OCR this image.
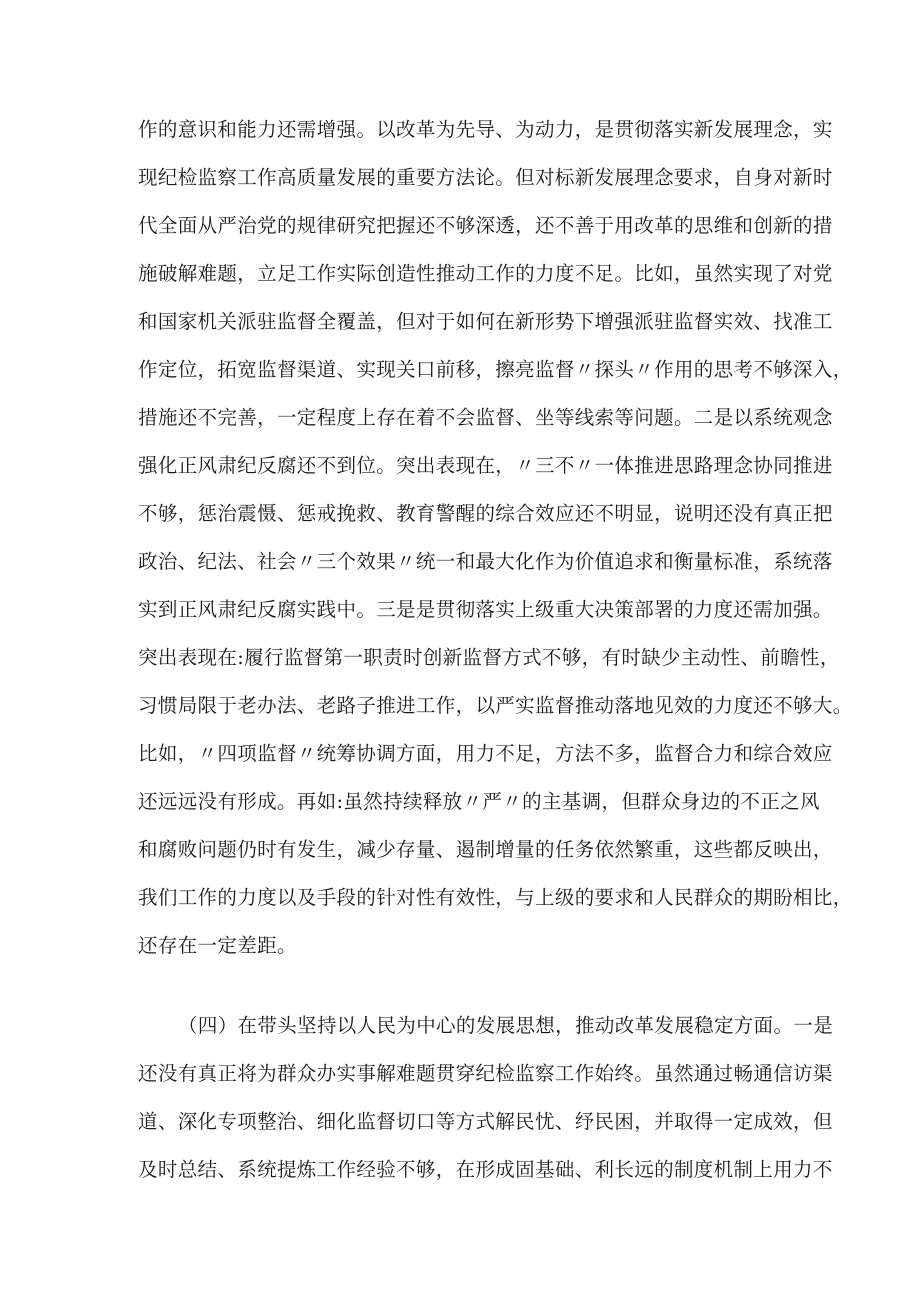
作的意识和能力还需增强。以改革为先导、为动力，是贯彻落实新发展理念，实
现纪检监察工作高质量发展的重要方法论。但对标新发展理念要求，自身对新时
代全面从严治党的规律研究把握还不够深透，还不善于用改革的思维和创新的措
施破解难题，立足工作实际创造性推动工作的力度不足。比如，虽然实现了对党
和国家机关派驻监督全覆盖，但对于如何在新形势下增强派驻监督实效、找准工
作定位，拓宽监督渠道、实现关口前移，擦亮监督〃探头〃作用的思考不够深入，
措施还不完善，一定程度上存在着不会监督、坐等线索等问题。二是以系统观念
强化正风肃纪反腐还不到位。突出表现在，〃三不〃一体推进思路理念协同推进
不够，惩治震慑、惩戒挽救、教育警醒的综合效应还不明显，说明还没有真正把
政治、纪法、社会〃三个效果〃统一和最大化作为价值追求和衡量标准，系统落
实到正风肃纪反腐实践中。三是是贯彻落实上级重大决策部署的力度还需加强。
突出表现在:履行监督第一职责时创新监督方式不够，有时缺少主动性、前瞻性，
习惯局限于老办法、老路子推进工作，以严实监督推动落地见效的力度还不够大。
比如，〃四项监督〃统筹协调方面，用力不足，方法不多，监督合力和综合效应
还远远没有形成。再如:虽然持续释放〃严〃的主基调，但群众身边的不正之风
和腐败问题仍时有发生，减少存量、遏制增量的任务依然繁重，这些都反映出，
我们工作的力度以及手段的针对性有效性，与上级的要求和人民群众的期盼相比，
还存在一定差距。
（四）在带头坚持以人民为中心的发展思想，推动改革发展稳定方面。一是
还没有真正将为群众办实事解难题贯穿纪检监察工作始终。虽然通过畅通信访渠
道、深化专项整治、细化监督切口等方式解民忧、纾民困，并取得一定成效，但
及时总结、系统提炼工作经验不够，在形成固基础、利长远的制度机制上用力不
